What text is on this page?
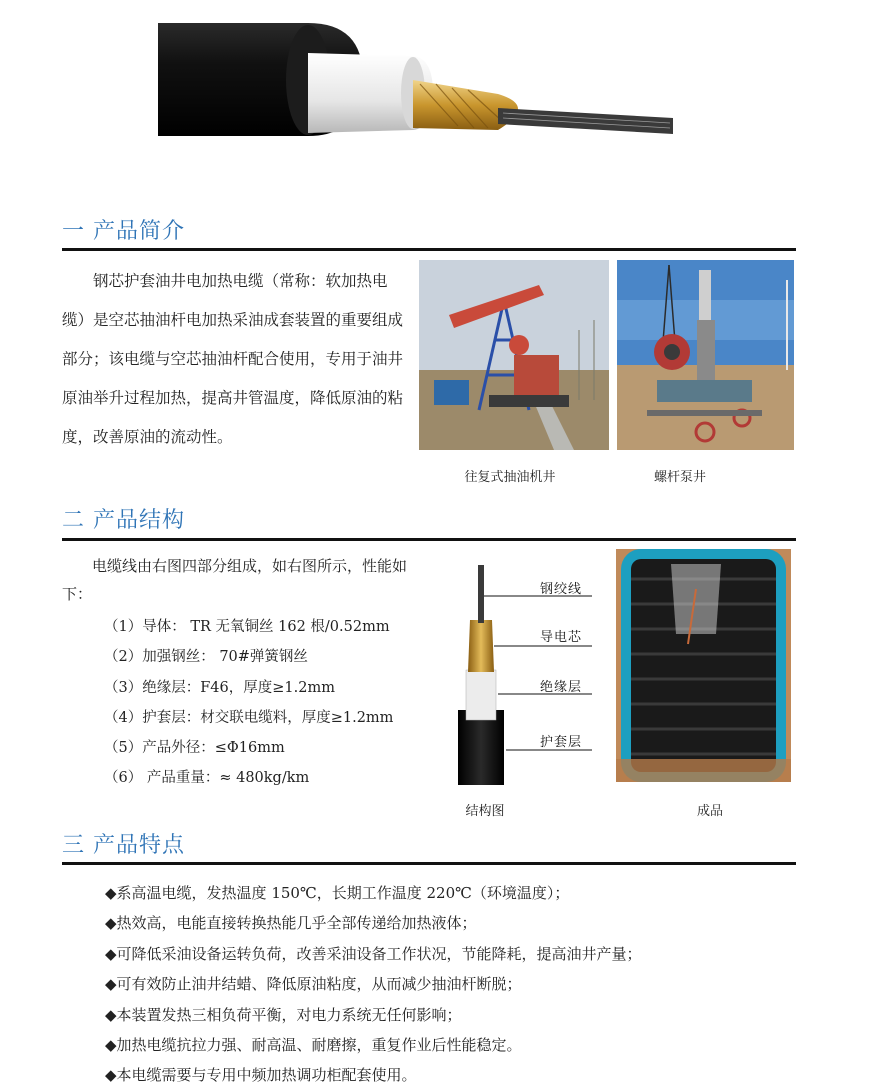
一 产品简介
钢芯护套油井电加热电缆（常称：软加热电缆）是空芯抽油杆电加热采油成套装置的重要组成部分；该电缆与空芯抽油杆配合使用，专用于油井原油举升过程加热，提高井管温度，降低原油的粘度，改善原油的流动性。
往复式抽油机井	螺杆泵井
二 产品结构
电缆线由右图四部分组成，如右图所示，性能如下：
（1）导体： TR 无氧铜丝 162 根/0.52mm
（2）加强钢丝： 70#弹簧钢丝
（3）绝缘层：F46，厚度≥1.2mm
（4）护套层：材交联电缆料，厚度≥1.2mm
（5）产品外径：≤Φ16mm
（6） 产品重量：≈ 480kg/km
钢绞线
导电芯
绝缘层
护套层
结构图	成品
三 产品特点
◆系高温电缆，发热温度 150℃，长期工作温度 220℃（环境温度）；
◆热效高，电能直接转换热能几乎全部传递给加热液体；
◆可降低采油设备运转负荷，改善采油设备工作状况，节能降耗，提高油井产量；
◆可有效防止油井结蜡、降低原油粘度，从而减少抽油杆断脱；
◆本装置发热三相负荷平衡，对电力系统无任何影响；
◆加热电缆抗拉力强、耐高温、耐磨擦，重复作业后性能稳定。
◆本电缆需要与专用中频加热调功柜配套使用。
